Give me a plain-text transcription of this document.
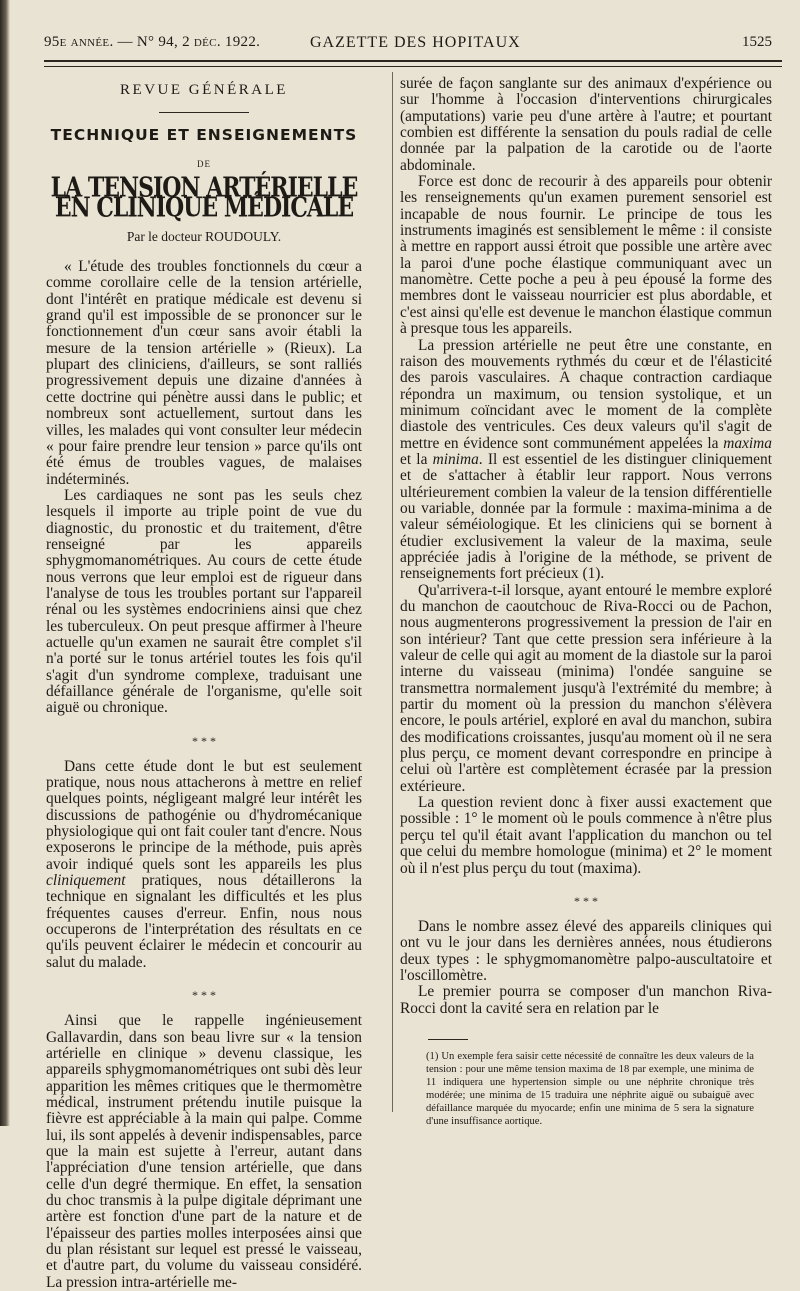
95e année. — N° 94, 2 déc. 1922.	GAZETTE DES HOPITAUX	1525
REVUE GÉNÉRALE
TECHNIQUE ET ENSEIGNEMENTS
DE
LA TENSION ARTÉRIELLE EN CLINIQUE MÉDICALE
Par le docteur ROUDOULY.

« L'étude des troubles fonctionnels du cœur a comme corollaire celle de la tension artérielle, dont l'intérêt en pratique médicale est devenu si grand qu'il est impossible de se prononcer sur le fonctionnement d'un cœur sans avoir établi la mesure de la tension artérielle » (Rieux). La plupart des cliniciens, d'ailleurs, se sont ralliés progressivement depuis une dizaine d'années à cette doctrine qui pénètre aussi dans le public; et nombreux sont actuellement, surtout dans les villes, les malades qui vont consulter leur médecin « pour faire prendre leur tension » parce qu'ils ont été émus de troubles vagues, de malaises indéterminés.

Les cardiaques ne sont pas les seuls chez lesquels il importe au triple point de vue du diagnostic, du pronostic et du traitement, d'être renseigné par les appareils sphygmomanométriques. Au cours de cette étude nous verrons que leur emploi est de rigueur dans l'analyse de tous les troubles portant sur l'appareil rénal ou les systèmes endocriniens ainsi que chez les tuberculeux. On peut presque affirmer à l'heure actuelle qu'un examen ne saurait être complet s'il n'a porté sur le tonus artériel toutes les fois qu'il s'agit d'un syndrome complexe, traduisant une défaillance générale de l'organisme, qu'elle soit aiguë ou chronique.

* * *

Dans cette étude dont le but est seulement pratique, nous nous attacherons à mettre en relief quelques points, négligeant malgré leur intérêt les discussions de pathogénie ou d'hydromécanique physiologique qui ont fait couler tant d'encre. Nous exposerons le principe de la méthode, puis après avoir indiqué quels sont les appareils les plus cliniquement pratiques, nous détaillerons la technique en signalant les difficultés et les plus fréquentes causes d'erreur. Enfin, nous nous occuperons de l'interprétation des résultats en ce qu'ils peuvent éclairer le médecin et concourir au salut du malade.

* * *

Ainsi que le rappelle ingénieusement Gallavardin, dans son beau livre sur « la tension artérielle en clinique » devenu classique, les appareils sphygmomanométriques ont subi dès leur apparition les mêmes critiques que le thermomètre médical, instrument prétendu inutile puisque la fièvre est appréciable à la main qui palpe. Comme lui, ils sont appelés à devenir indispensables, parce que la main est sujette à l'erreur, autant dans l'appréciation d'une tension artérielle, que dans celle d'un degré thermique. En effet, la sensation du choc transmis à la pulpe digitale déprimant une artère est fonction d'une part de la nature et de l'épaisseur des parties molles interposées ainsi que du plan résistant sur lequel est pressé le vaisseau, et d'autre part, du volume du vaisseau considéré. La pression intra-artérielle me-

surée de façon sanglante sur des animaux d'expérience ou sur l'homme à l'occasion d'interventions chirurgicales (amputations) varie peu d'une artère à l'autre; et pourtant combien est différente la sensation du pouls radial de celle donnée par la palpation de la carotide ou de l'aorte abdominale.

Force est donc de recourir à des appareils pour obtenir les renseignements qu'un examen purement sensoriel est incapable de nous fournir. Le principe de tous les instruments imaginés est sensiblement le même : il consiste à mettre en rapport aussi étroit que possible une artère avec la paroi d'une poche élastique communiquant avec un manomètre. Cette poche a peu à peu épousé la forme des membres dont le vaisseau nourricier est plus abordable, et c'est ainsi qu'elle est devenue le manchon élastique commun à presque tous les appareils.

La pression artérielle ne peut être une constante, en raison des mouvements rythmés du cœur et de l'élasticité des parois vasculaires. A chaque contraction cardiaque répondra un maximum, ou tension systolique, et un minimum coïncidant avec le moment de la complète diastole des ventricules. Ces deux valeurs qu'il s'agit de mettre en évidence sont communément appelées la maxima et la minima. Il est essentiel de les distinguer cliniquement et de s'attacher à établir leur rapport. Nous verrons ultérieurement combien la valeur de la tension différentielle ou variable, donnée par la formule : maxima-minima a de valeur séméiologique. Et les cliniciens qui se bornent à étudier exclusivement la valeur de la maxima, seule appréciée jadis à l'origine de la méthode, se privent de renseignements fort précieux (1).

Qu'arrivera-t-il lorsque, ayant entouré le membre exploré du manchon de caoutchouc de Riva-Rocci ou de Pachon, nous augmenterons progressivement la pression de l'air en son intérieur? Tant que cette pression sera inférieure à la valeur de celle qui agit au moment de la diastole sur la paroi interne du vaisseau (minima) l'ondée sanguine se transmettra normalement jusqu'à l'extrémité du membre; à partir du moment où la pression du manchon s'élèvera encore, le pouls artériel, exploré en aval du manchon, subira des modifications croissantes, jusqu'au moment où il ne sera plus perçu, ce moment devant correspondre en principe à celui où l'artère est complètement écrasée par la pression extérieure.

La question revient donc à fixer aussi exactement que possible : 1° le moment où le pouls commence à n'être plus perçu tel qu'il était avant l'application du manchon ou tel que celui du membre homologue (minima) et 2° le moment où il n'est plus perçu du tout (maxima).

* * *

Dans le nombre assez élevé des appareils cliniques qui ont vu le jour dans les dernières années, nous étudierons deux types : le sphygmomanomètre palpo-auscultatoire et l'oscillomètre.

Le premier pourra se composer d'un manchon Riva-Rocci dont la cavité sera en relation par le

(1) Un exemple fera saisir cette nécessité de connaître les deux valeurs de la tension : pour une même tension maxima de 18 par exemple, une minima de 11 indiquera une hypertension simple ou une néphrite chronique très modérée; une minima de 15 traduira une néphrite aiguë ou subaiguë avec défaillance marquée du myocarde; enfin une minima de 5 sera la signature d'une insuffisance aortique.
